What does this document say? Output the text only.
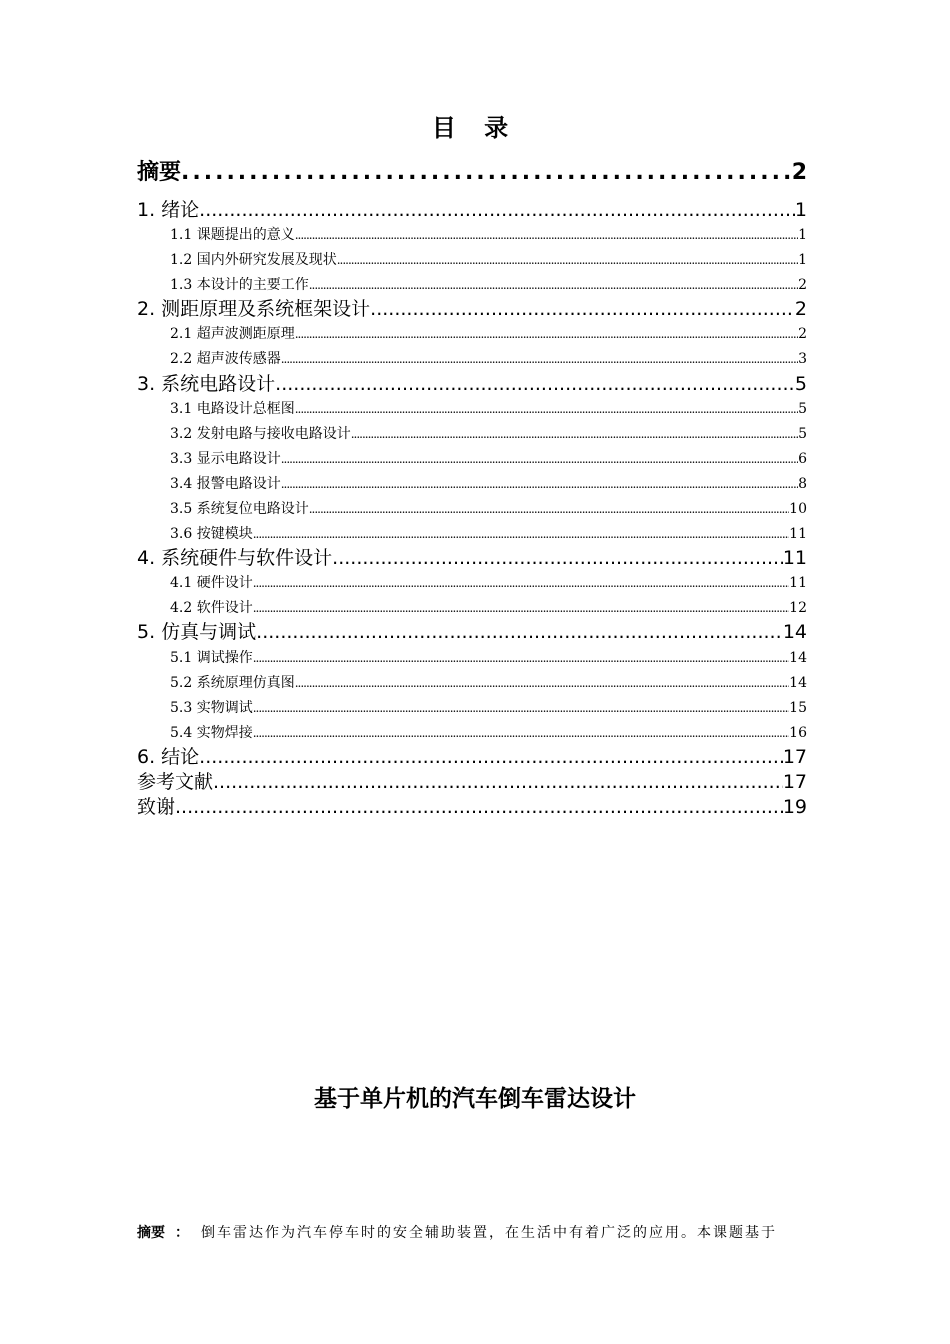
目 录
摘要 .....	2
1. 绪论 .....	1
1.1 课题提出的意义 .....	1
1.2 国内外研究发展及现状 .....	1
1.3 本设计的主要工作 .....	2
2. 测距原理及系统框架设计 .....	2
2.1 超声波测距原理 .....	2
2.2 超声波传感器 .....	3
3. 系统电路设计 .....	5
3.1 电路设计总框图 .....	5
3.2 发射电路与接收电路设计 .....	5
3.3 显示电路设计 .....	6
3.4 报警电路设计 .....	8
3.5 系统复位电路设计 .....	10
3.6 按键模块 .....	11
4. 系统硬件与软件设计 .....	11
4.1 硬件设计 .....	11
4.2 软件设计 .....	12
5. 仿真与调试 .....	14
5.1 调试操作 .....	14
5.2 系统原理仿真图 .....	14
5.3 实物调试 .....	15
5.4 实物焊接 .....	16
6. 结论 .....	17
参考文献 .....	17
致谢 .....	19
基于单片机的汽车倒车雷达设计
摘要 ： 倒车雷达作为汽车停车时的安全辅助装置，在生活中有着广泛的应用。本课题基于
